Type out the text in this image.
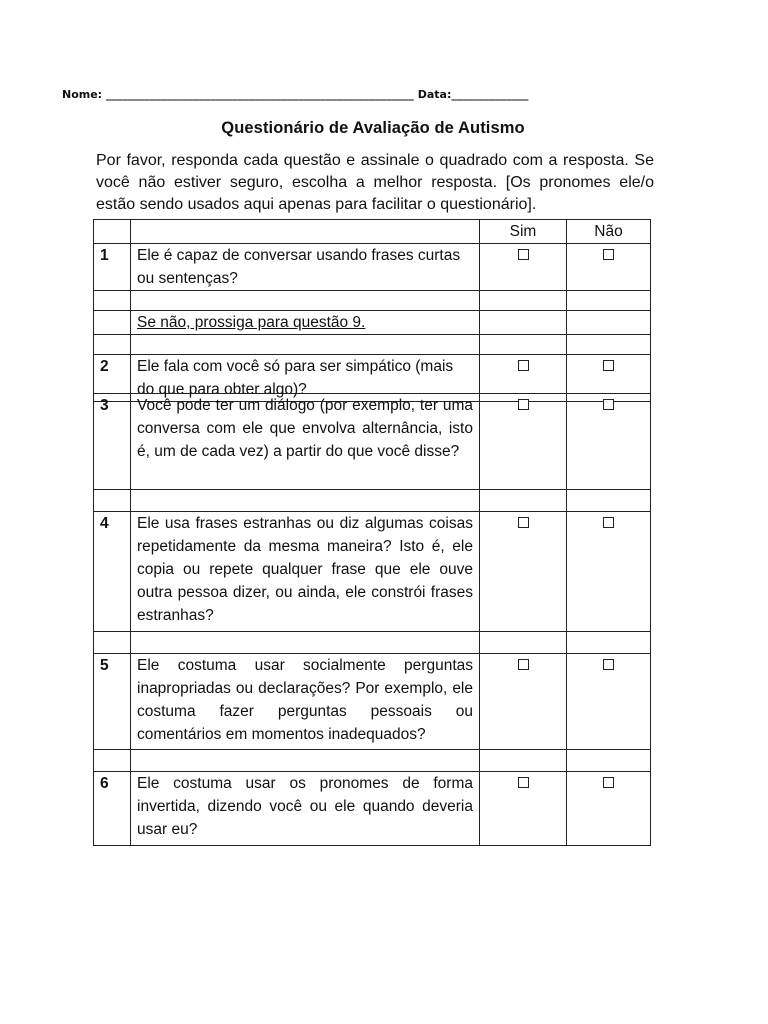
Nome: ________________________________________________________ Data:______________
Questionário de Avaliação de Autismo
Por favor, responda cada questão e assinale o quadrado com a resposta. Se você não estiver seguro, escolha a melhor resposta. [Os pronomes ele/o estão sendo usados aqui apenas para facilitar o questionário].
		Sim	Não
1	Ele é capaz de conversar usando frases curtas ou sentenças?		

	Se não, prossiga para questão 9.		

2	Ele fala com você só para ser simpático (mais do que para obter algo)?		
3	Você pode ter um diálogo (por exemplo, ter uma conversa com ele que envolva alternância, isto é, um de cada vez) a partir do que você disse?		

4	Ele usa frases estranhas ou diz algumas coisas repetidamente da mesma maneira? Isto é, ele copia ou repete qualquer frase que ele ouve outra pessoa dizer, ou ainda, ele constrói frases estranhas?		

5	Ele costuma usar socialmente perguntas inapropriadas ou declarações? Por exemplo, ele costuma fazer perguntas pessoais ou comentários em momentos inadequados?		

6	Ele costuma usar os pronomes de forma invertida, dizendo você ou ele quando deveria usar eu?		
